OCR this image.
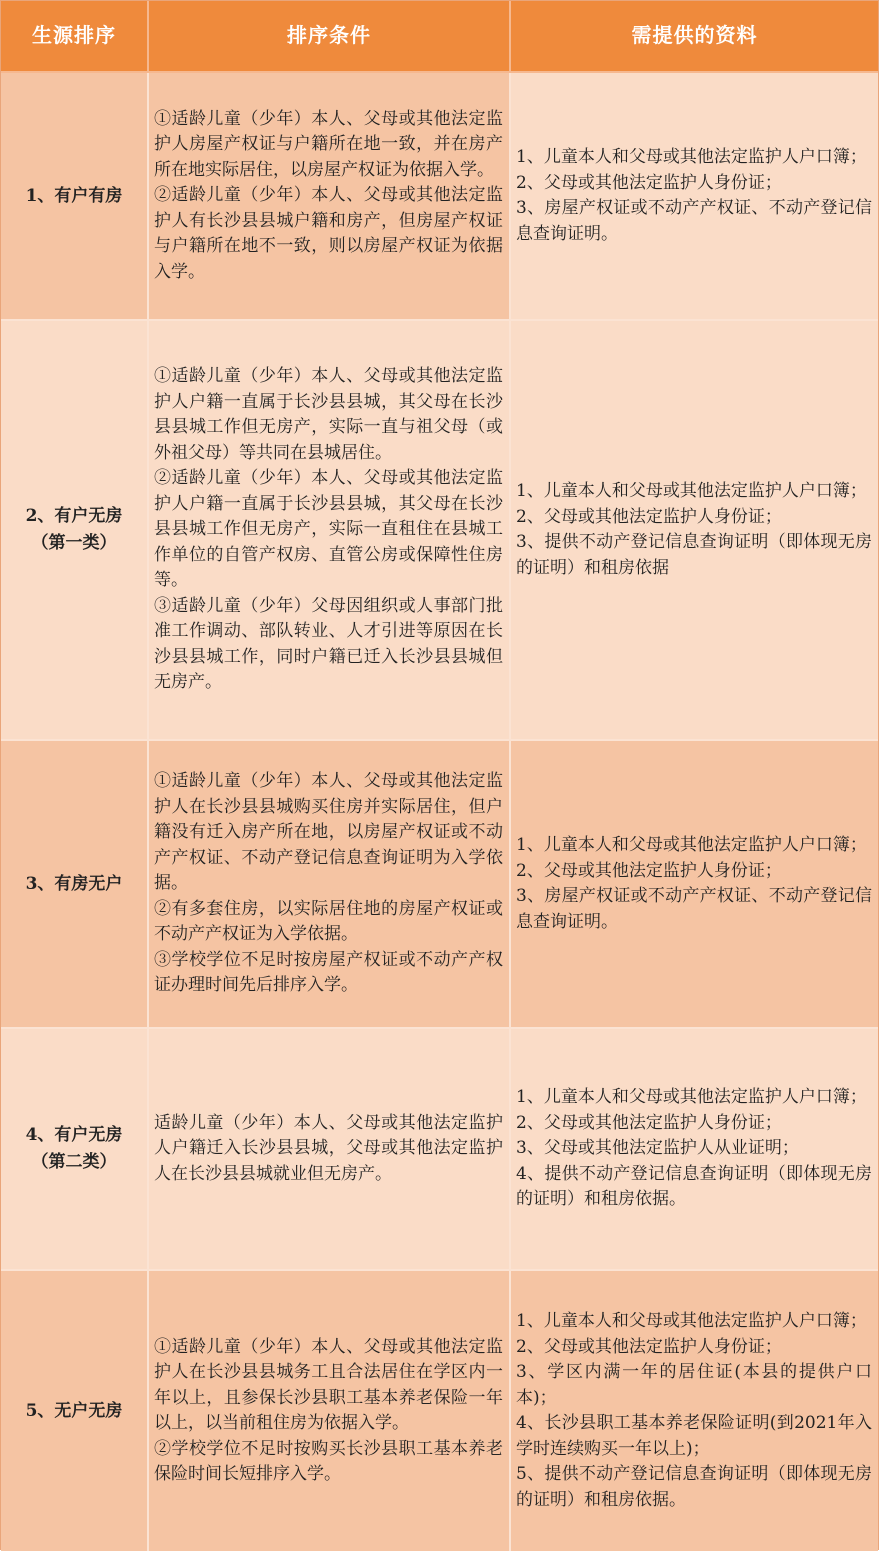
生源排序	排序条件	需提供的资料
1、有户有房

①适龄儿童（少年）本人、父母或其他法定监护人房屋产权证与户籍所在地一致，并在房产所在地实际居住，以房屋产权证为依据入学。

②适龄儿童（少年）本人、父母或其他法定监护人有长沙县县城户籍和房产，但房屋产权证与户籍所在地不一致，则以房屋产权证为依据入学。

1、儿童本人和父母或其他法定监护人户口簿；

2、父母或其他法定监护人身份证；

3、房屋产权证或不动产产权证、不动产登记信息查询证明。

2、有户无房
（第一类）

①适龄儿童（少年）本人、父母或其他法定监护人户籍一直属于长沙县县城，其父母在长沙县县城工作但无房产，实际一直与祖父母（或外祖父母）等共同在县城居住。

②适龄儿童（少年）本人、父母或其他法定监护人户籍一直属于长沙县县城，其父母在长沙县县城工作但无房产，实际一直租住在县城工作单位的自管产权房、直管公房或保障性住房等。

③适龄儿童（少年）父母因组织或人事部门批准工作调动、部队转业、人才引进等原因在长沙县县城工作，同时户籍已迁入长沙县县城但无房产。

1、儿童本人和父母或其他法定监护人户口簿；

2、父母或其他法定监护人身份证；

3、提供不动产登记信息查询证明（即体现无房的证明）和租房依据

3、有房无户

①适龄儿童（少年）本人、父母或其他法定监护人在长沙县县城购买住房并实际居住，但户籍没有迁入房产所在地，以房屋产权证或不动产产权证、不动产登记信息查询证明为入学依据。

②有多套住房，以实际居住地的房屋产权证或不动产产权证为入学依据。

③学校学位不足时按房屋产权证或不动产产权证办理时间先后排序入学。

1、儿童本人和父母或其他法定监护人户口簿；

2、父母或其他法定监护人身份证；

3、房屋产权证或不动产产权证、不动产登记信息查询证明。

4、有户无房
（第二类）

适龄儿童（少年）本人、父母或其他法定监护人户籍迁入长沙县县城，父母或其他法定监护人在长沙县县城就业但无房产。

1、儿童本人和父母或其他法定监护人户口簿；

2、父母或其他法定监护人身份证；

3、父母或其他法定监护人从业证明；

4、提供不动产登记信息查询证明（即体现无房的证明）和租房依据。

5、无户无房

①适龄儿童（少年）本人、父母或其他法定监护人在长沙县县城务工且合法居住在学区内一年以上，且参保长沙县职工基本养老保险一年以上，以当前租住房为依据入学。

②学校学位不足时按购买长沙县职工基本养老保险时间长短排序入学。

1、儿童本人和父母或其他法定监护人户口簿；

2、父母或其他法定监护人身份证；

3、学区内满一年的居住证(本县的提供户口本)；

4、长沙县职工基本养老保险证明(到2021年入学时连续购买一年以上)；

5、提供不动产登记信息查询证明（即体现无房的证明）和租房依据。
